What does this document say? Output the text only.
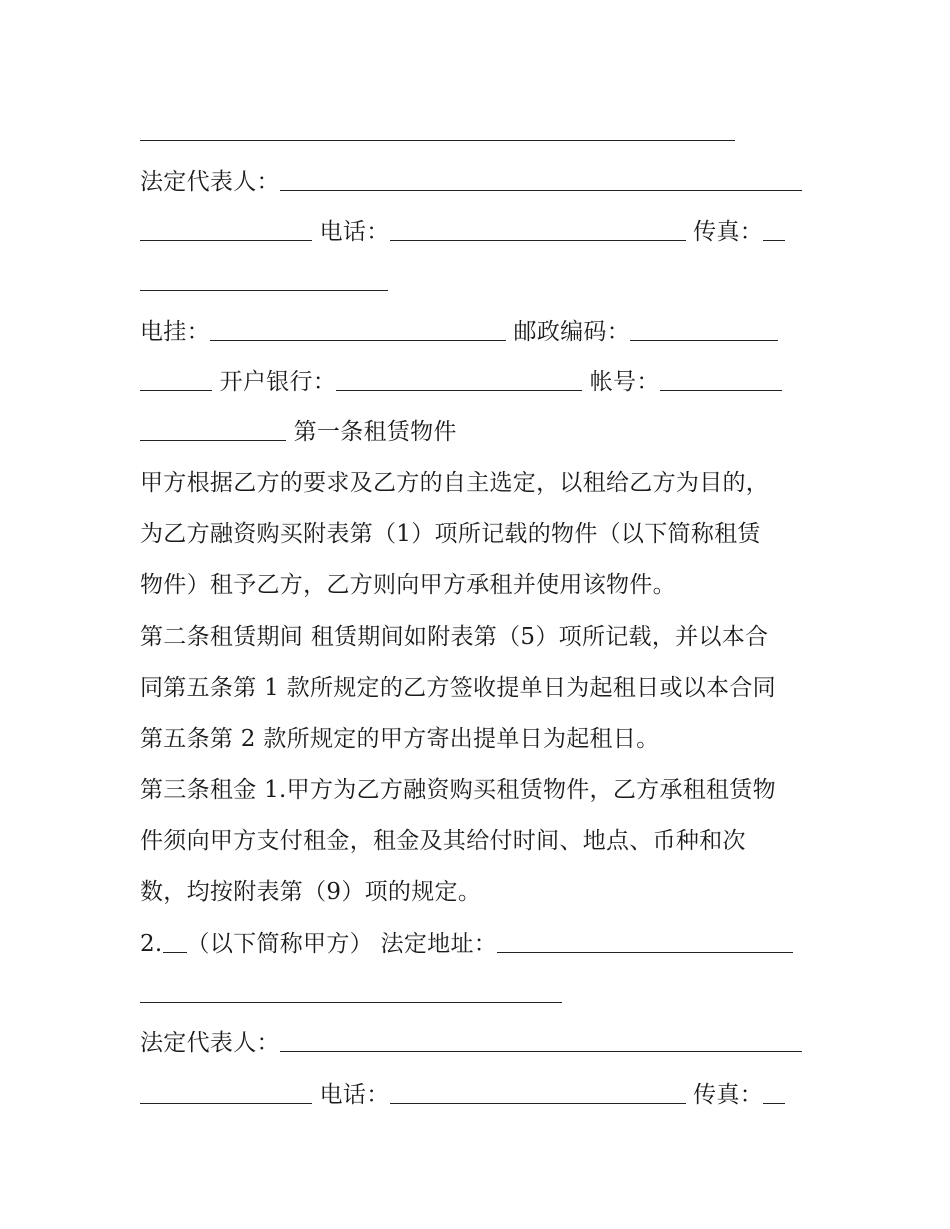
法定代表人：
电话：	传真：
电挂：	邮政编码：
开户银行：	帐号：
第一条租赁物件
甲方根据乙方的要求及乙方的自主选定，以租给乙方为目的，
为乙方融资购买附表第（1）项所记载的物件（以下简称租赁
物件）租予乙方，乙方则向甲方承租并使用该物件。
第二条租赁期间 租赁期间如附表第（5）项所记载，并以本合
同第五条第 1 款所规定的乙方签收提单日为起租日或以本合同
第五条第 2 款所规定的甲方寄出提单日为起租日。
第三条租金 1.甲方为乙方融资购买租赁物件，乙方承租租赁物
件须向甲方支付租金，租金及其给付时间、地点、币种和次
数，均按附表第（9）项的规定。
2. （以下简称甲方） 法定地址：
法定代表人：
电话：	传真：
